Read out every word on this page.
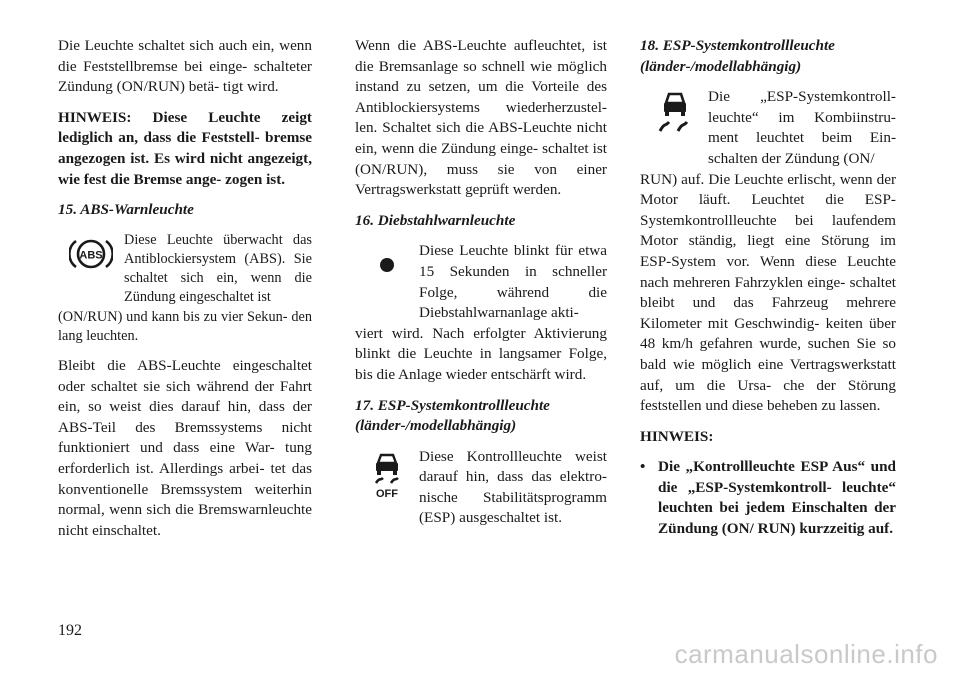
Die Leuchte schaltet sich auch ein, wenn die Feststellbremse bei einge- schalteter Zündung (ON/RUN) betä- tigt wird.

HINWEIS: Diese Leuchte zeigt lediglich an, dass die Feststell- bremse angezogen ist. Es wird nicht angezeigt, wie fest die Bremse ange- zogen ist.

15. ABS-Warnleuchte

ABS
Diese Leuchte überwacht das Antiblockiersystem (ABS). Sie schaltet sich ein, wenn die Zündung eingeschaltet ist

(ON/RUN) und kann bis zu vier Sekun- den lang leuchten.

Bleibt die ABS-Leuchte eingeschaltet oder schaltet sie sich während der Fahrt ein, so weist dies darauf hin, dass der ABS-Teil des Bremssystems nicht funktioniert und dass eine War- tung erforderlich ist. Allerdings arbei- tet das konventionelle Bremssystem weiterhin normal, wenn sich die Bremswarnleuchte nicht einschaltet.

Wenn die ABS-Leuchte aufleuchtet, ist die Bremsanlage so schnell wie möglich instand zu setzen, um die Vorteile des Antiblockiersystems wiederherzustel- len. Schaltet sich die ABS-Leuchte nicht ein, wenn die Zündung einge- schaltet ist (ON/RUN), muss sie von einer Vertragswerkstatt geprüft werden.

16. Diebstahlwarnleuchte

Diese Leuchte blinkt für etwa 15 Sekunden in schneller Folge, während die Diebstahlwarnanlage akti-

viert wird. Nach erfolgter Aktivierung blinkt die Leuchte in langsamer Folge, bis die Anlage wieder entschärft wird.

17. ESP-Systemkontrollleuchte (länder-/modellabhängig)

OFF
Diese Kontrollleuchte weist darauf hin, dass das elektro- nische Stabilitätsprogramm (ESP) ausgeschaltet ist.

18. ESP-Systemkontrollleuchte (länder-/modellabhängig)

Die „ESP-Systemkontroll- leuchte“ im Kombiinstru- ment leuchtet beim Ein- schalten der Zündung (ON/

RUN) auf. Die Leuchte erlischt, wenn der Motor läuft. Leuchtet die ESP- Systemkontrollleuchte bei laufendem Motor ständig, liegt eine Störung im ESP-System vor. Wenn diese Leuchte nach mehreren Fahrzyklen einge- schaltet bleibt und das Fahrzeug mehrere Kilometer mit Geschwindig- keiten über 48 km/h gefahren wurde, suchen Sie so bald wie möglich eine Vertragswerkstatt auf, um die Ursa- che der Störung feststellen und diese beheben zu lassen.

HINWEIS:

• Die „Kontrollleuchte ESP Aus“ und die „ESP-Systemkontroll- leuchte“ leuchten bei jedem Einschalten der Zündung (ON/ RUN) kurzzeitig auf.
192
carmanualsonline.info
